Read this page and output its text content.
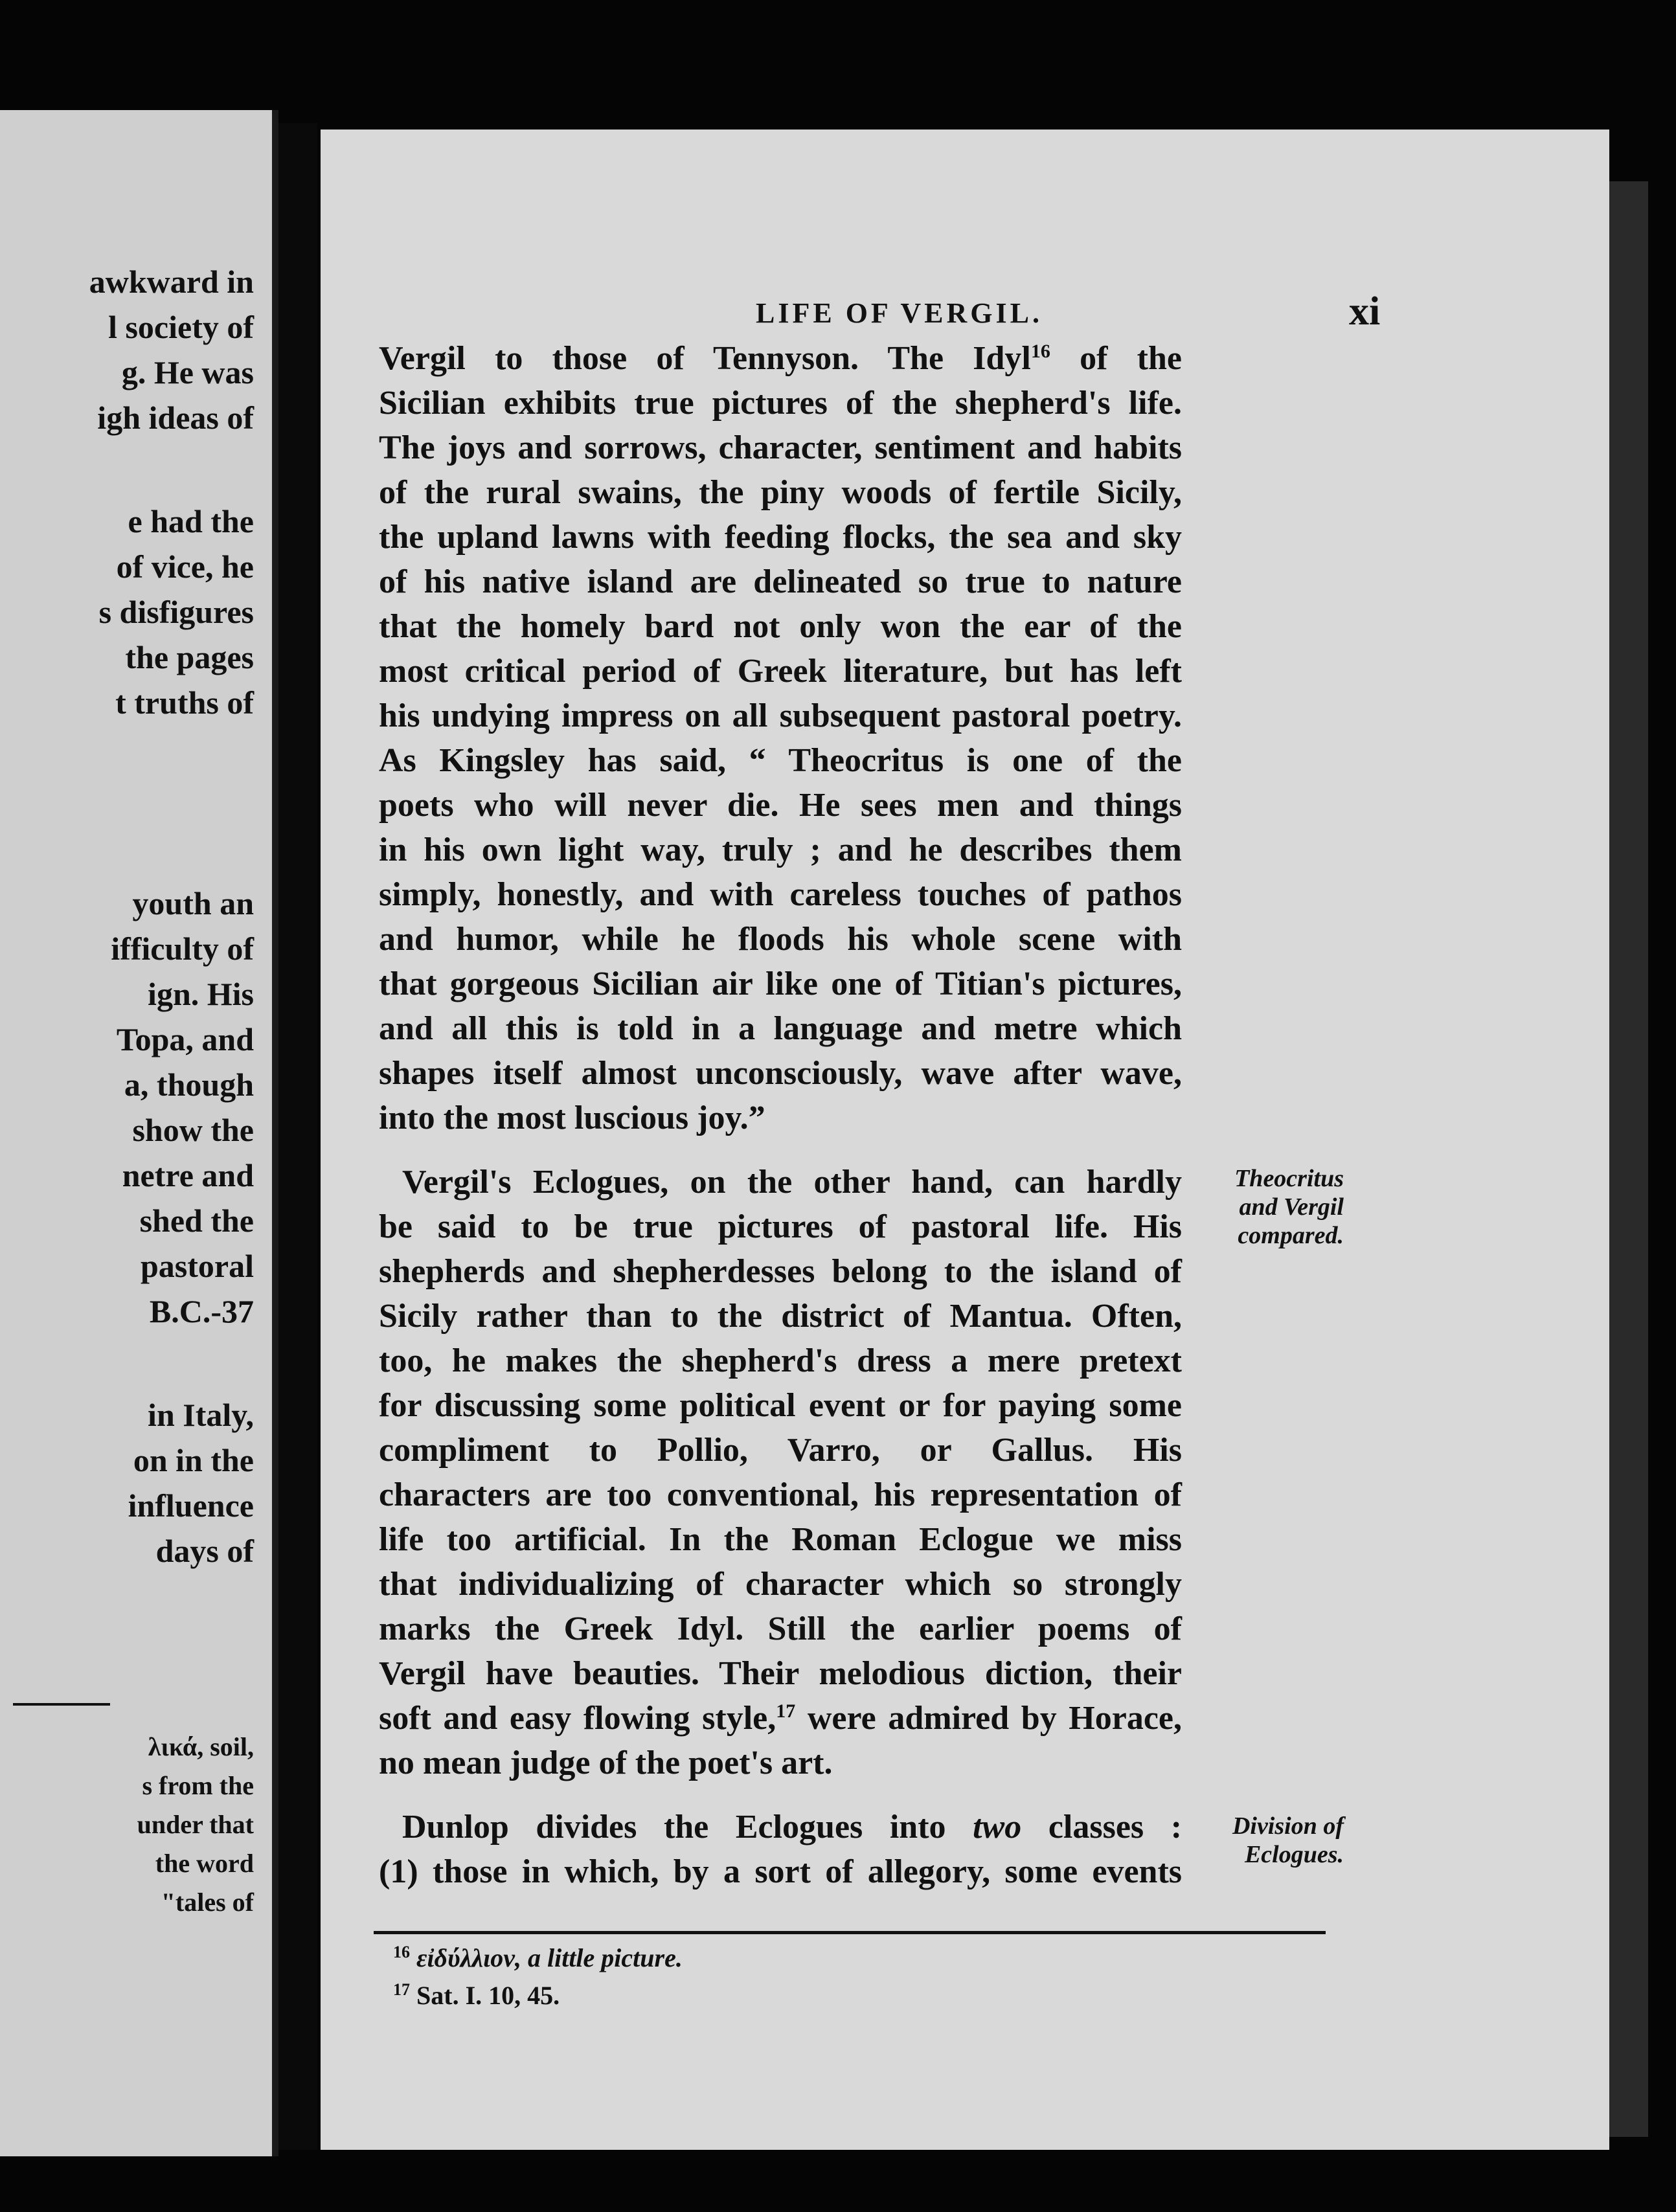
awkward in
l society of
g. He was
igh ideas of
e had the
of vice, he
s disfigures
the pages
t truths of
youth an
ifficulty of
ign. His
Topa, and
a, though
show the
netre and
shed the
pastoral
B.C.-37
in Italy,
on in the
influence
days of
λικά, soil,
s from the
under that
the word
"tales of
LIFE OF VERGIL.	xi
Vergil to those of Tennyson. The Idyl$^{16}$ of the
Sicilian exhibits true pictures of the shepherd's life.
The joys and sorrows, character, sentiment and habits
of the rural swains, the piny woods of fertile Sicily,
the upland lawns with feeding flocks, the sea and sky
of his native island are delineated so true to nature
that the homely bard not only won the ear of the
most critical period of Greek literature, but has left
his undying impress on all subsequent pastoral poetry.
As Kingsley has said, “ Theocritus is one of the
poets who will never die. He sees men and things
in his own light way, truly ; and he describes them
simply, honestly, and with careless touches of pathos
and humor, while he floods his whole scene with
that gorgeous Sicilian air like one of Titian's pictures,
and all this is told in a language and metre which
shapes itself almost unconsciously, wave after wave,
into the most luscious joy.”
Vergil's Eclogues, on the other hand, can hardly
be said to be true pictures of pastoral life. His
shepherds and shepherdesses belong to the island of
Sicily rather than to the district of Mantua. Often,
too, he makes the shepherd's dress a mere pretext
for discussing some political event or for paying some
compliment to Pollio, Varro, or Gallus. His
characters are too conventional, his representation of
life too artificial. In the Roman Eclogue we miss
that individualizing of character which so strongly
marks the Greek Idyl. Still the earlier poems of
Vergil have beauties. Their melodious diction, their
soft and easy flowing style,$^{17}$ were admired by Horace,
no mean judge of the poet's art.
Dunlop divides the Eclogues into two classes :
(1) those in which, by a sort of allegory, some events
Theocritus
and Vergil
compared.
Division of
Eclogues.
$^{16}$ εἰδύλλιον, a little picture.
$^{17}$ Sat. I. 10, 45.
